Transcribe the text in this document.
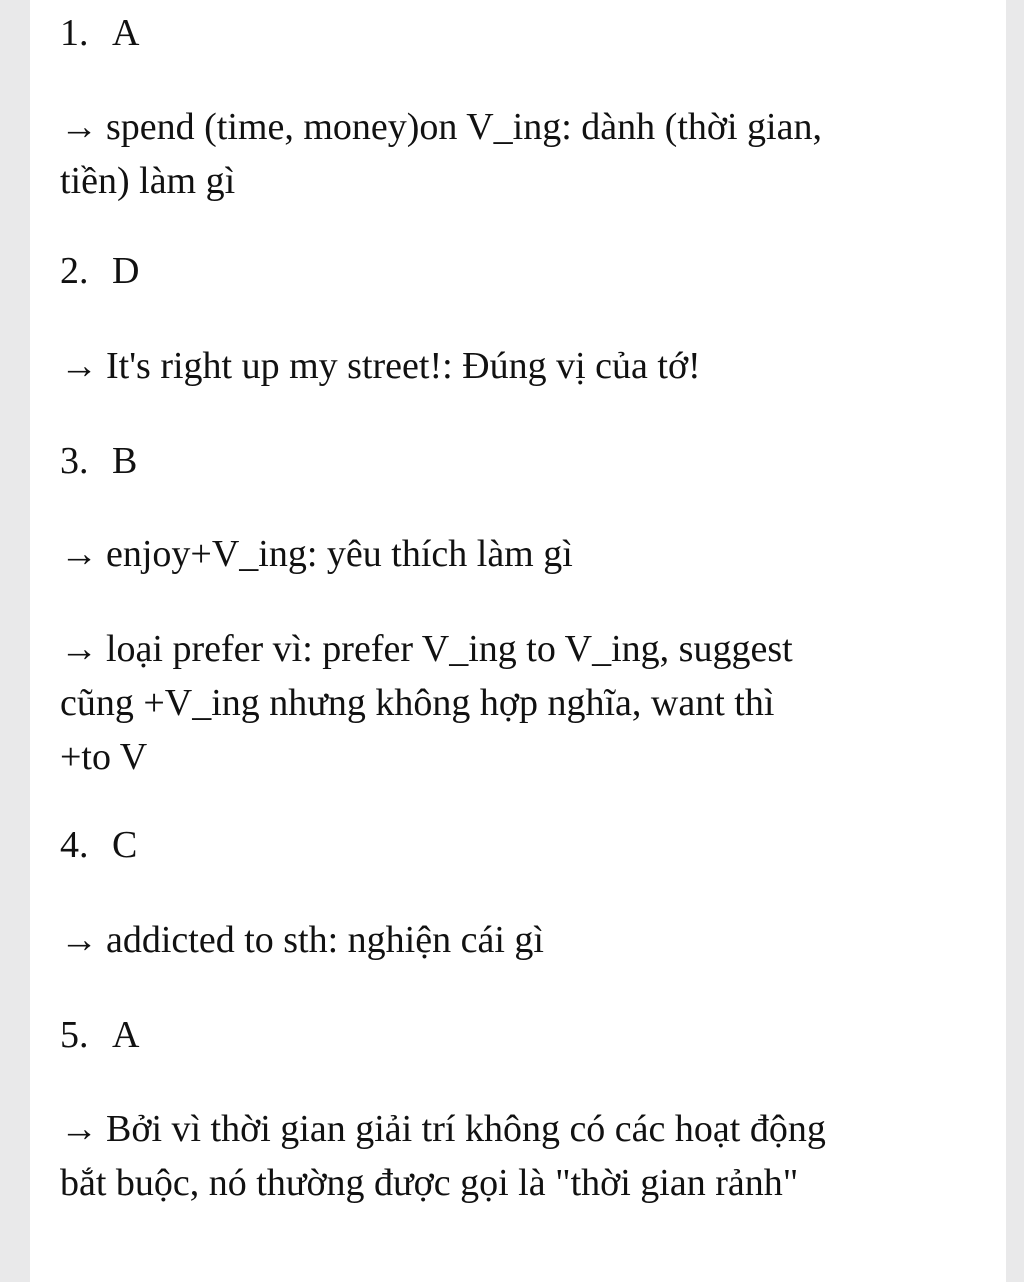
1. A
→ spend (time, money)on V_ing: dành (thời gian, tiền) làm gì
2. D
→ It's right up my street!: Đúng vị của tớ!
3. B
→ enjoy+V_ing: yêu thích làm gì
→ loại prefer vì: prefer V_ing to V_ing, suggest cũng +V_ing nhưng không hợp nghĩa, want thì +to V
4. C
→ addicted to sth: nghiện cái gì
5. A
→ Bởi vì thời gian giải trí không có các hoạt động bắt buộc, nó thường được gọi là "thời gian rảnh"
